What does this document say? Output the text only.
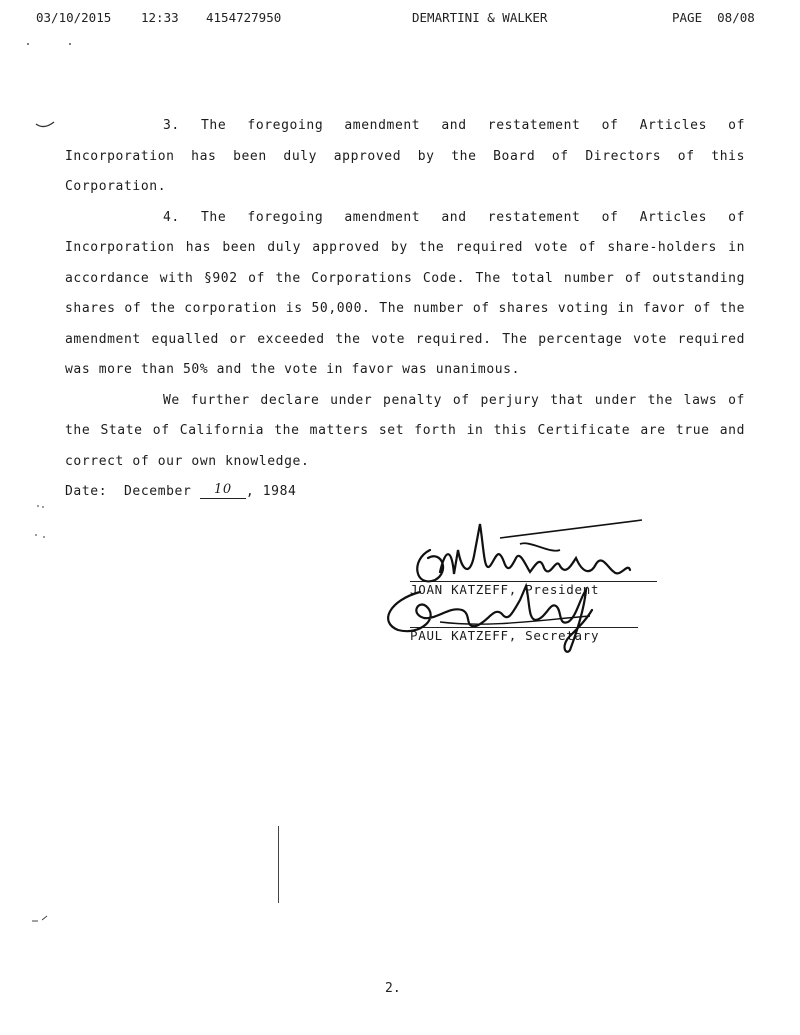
03/10/2015 12:33 4154727950	DEMARTINI & WALKER	PAGE  08/08

3. The foregoing amendment and restatement of Articles of Incorporation has been duly approved by the Board of Directors of this Corporation.

4. The foregoing amendment and restatement of Articles of Incorporation has been duly approved by the required vote of share-holders in accordance with §902 of the Corporations Code. The total number of outstanding shares of the corporation is 50,000. The number of shares voting in favor of the amendment equalled or exceeded the vote required. The percentage vote required was more than 50% and the vote in favor was unanimous.

We further declare under penalty of perjury that under the laws of the State of California the matters set forth in this Certificate are true and correct of our own knowledge.

Date: December 10 , 1984

JOAN KATZEFF, President
PAUL KATZEFF, Secretary
2.
